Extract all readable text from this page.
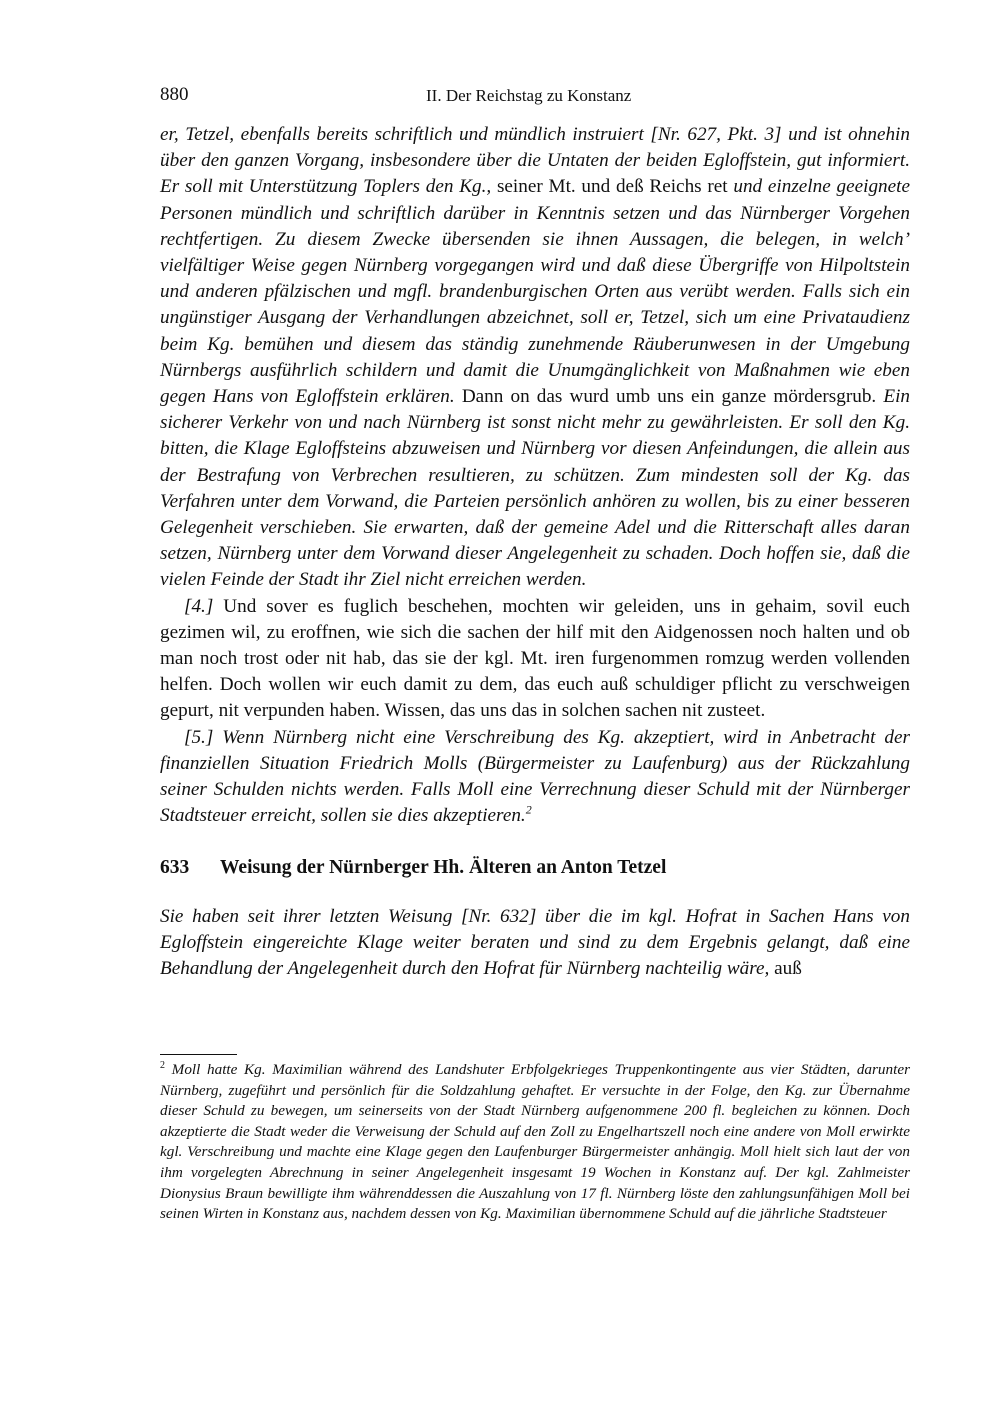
880	II. Der Reichstag zu Konstanz

er, Tetzel, ebenfalls bereits schriftlich und mündlich instruiert [Nr. 627, Pkt. 3] und ist ohnehin über den ganzen Vorgang, insbesondere über die Untaten der beiden Egloffstein, gut informiert. Er soll mit Unterstützung Toplers den Kg., seiner Mt. und deß Reichs ret und einzelne geeignete Personen mündlich und schriftlich darüber in Kenntnis setzen und das Nürnberger Vorgehen rechtfertigen. Zu diesem Zwecke übersenden sie ihnen Aussagen, die belegen, in welch’ vielfältiger Weise gegen Nürnberg vorgegangen wird und daß diese Übergriffe von Hilpoltstein und anderen pfälzischen und mgfl. brandenburgischen Orten aus verübt werden. Falls sich ein ungünstiger Ausgang der Verhandlungen abzeichnet, soll er, Tetzel, sich um eine Privataudienz beim Kg. bemühen und diesem das ständig zunehmende Räuberunwesen in der Umgebung Nürnbergs ausführlich schildern und damit die Unumgänglichkeit von Maßnahmen wie eben gegen Hans von Egloffstein erklären. Dann on das wurd umb uns ein ganze mördersgrub. Ein sicherer Verkehr von und nach Nürnberg ist sonst nicht mehr zu gewährleisten. Er soll den Kg. bitten, die Klage Egloffsteins abzuweisen und Nürnberg vor diesen Anfeindungen, die allein aus der Bestrafung von Verbrechen resultieren, zu schützen. Zum mindesten soll der Kg. das Verfahren unter dem Vorwand, die Parteien persönlich anhören zu wollen, bis zu einer besseren Gelegenheit verschieben. Sie erwarten, daß der gemeine Adel und die Ritterschaft alles daran setzen, Nürnberg unter dem Vorwand dieser Angelegenheit zu schaden. Doch hoffen sie, daß die vielen Feinde der Stadt ihr Ziel nicht erreichen werden.

[4.] Und sover es fuglich beschehen, mochten wir geleiden, uns in gehaim, sovil euch gezimen wil, zu eroffnen, wie sich die sachen der hilf mit den Aidgenossen noch halten und ob man noch trost oder nit hab, das sie der kgl. Mt. iren furgenommen romzug werden vollenden helfen. Doch wollen wir euch damit zu dem, das euch auß schuldiger pflicht zu verschweigen gepurt, nit verpunden haben. Wissen, das uns das in solchen sachen nit zusteet.

[5.] Wenn Nürnberg nicht eine Verschreibung des Kg. akzeptiert, wird in Anbetracht der finanziellen Situation Friedrich Molls (Bürgermeister zu Laufenburg) aus der Rückzahlung seiner Schulden nichts werden. Falls Moll eine Verrechnung dieser Schuld mit der Nürnberger Stadtsteuer erreicht, sollen sie dies akzeptieren.$^2$

633 Weisung der Nürnberger Hh. Älteren an Anton Tetzel

Sie haben seit ihrer letzten Weisung [Nr. 632] über die im kgl. Hofrat in Sachen Hans von Egloffstein eingereichte Klage weiter beraten und sind zu dem Ergebnis gelangt, daß eine Behandlung der Angelegenheit durch den Hofrat für Nürnberg nachteilig wäre, auß

$^2$ Moll hatte Kg. Maximilian während des Landshuter Erbfolgekrieges Truppenkontingente aus vier Städten, darunter Nürnberg, zugeführt und persönlich für die Soldzahlung gehaftet. Er versuchte in der Folge, den Kg. zur Übernahme dieser Schuld zu bewegen, um seinerseits von der Stadt Nürnberg aufgenommene 200 fl. begleichen zu können. Doch akzeptierte die Stadt weder die Verweisung der Schuld auf den Zoll zu Engelhartszell noch eine andere von Moll erwirkte kgl. Verschreibung und machte eine Klage gegen den Laufenburger Bürgermeister anhängig. Moll hielt sich laut der von ihm vorgelegten Abrechnung in seiner Angelegenheit insgesamt 19 Wochen in Konstanz auf. Der kgl. Zahlmeister Dionysius Braun bewilligte ihm währenddessen die Auszahlung von 17 fl. Nürnberg löste den zahlungsunfähigen Moll bei seinen Wirten in Konstanz aus, nachdem dessen von Kg. Maximilian übernommene Schuld auf die jährliche Stadtsteuer
